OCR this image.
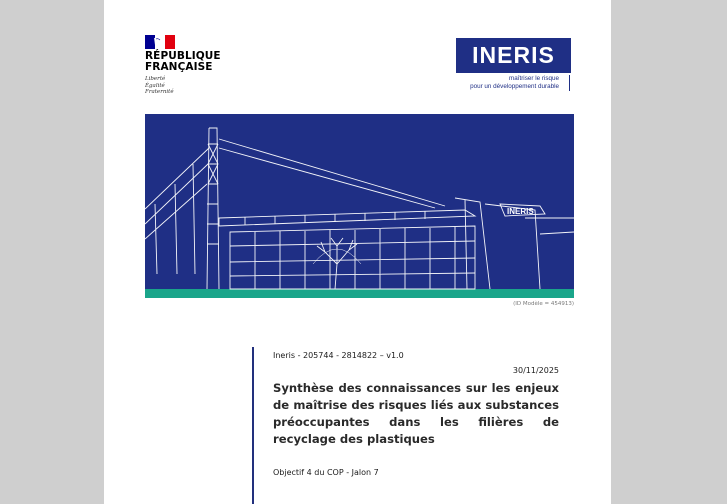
RÉPUBLIQUE
FRANÇAISE
Liberté
Égalité
Fraternité
INERIS
maîtriser le risque
pour un développement durable
INERIS
(ID Modèle = 454913)
Ineris - 205744 - 2814822 – v1.0
30/11/2025
Synthèse des connaissances sur les enjeux de maîtrise des risques liés aux substances préoccupantes dans les filières de recyclage des plastiques
Objectif 4 du COP - Jalon 7
